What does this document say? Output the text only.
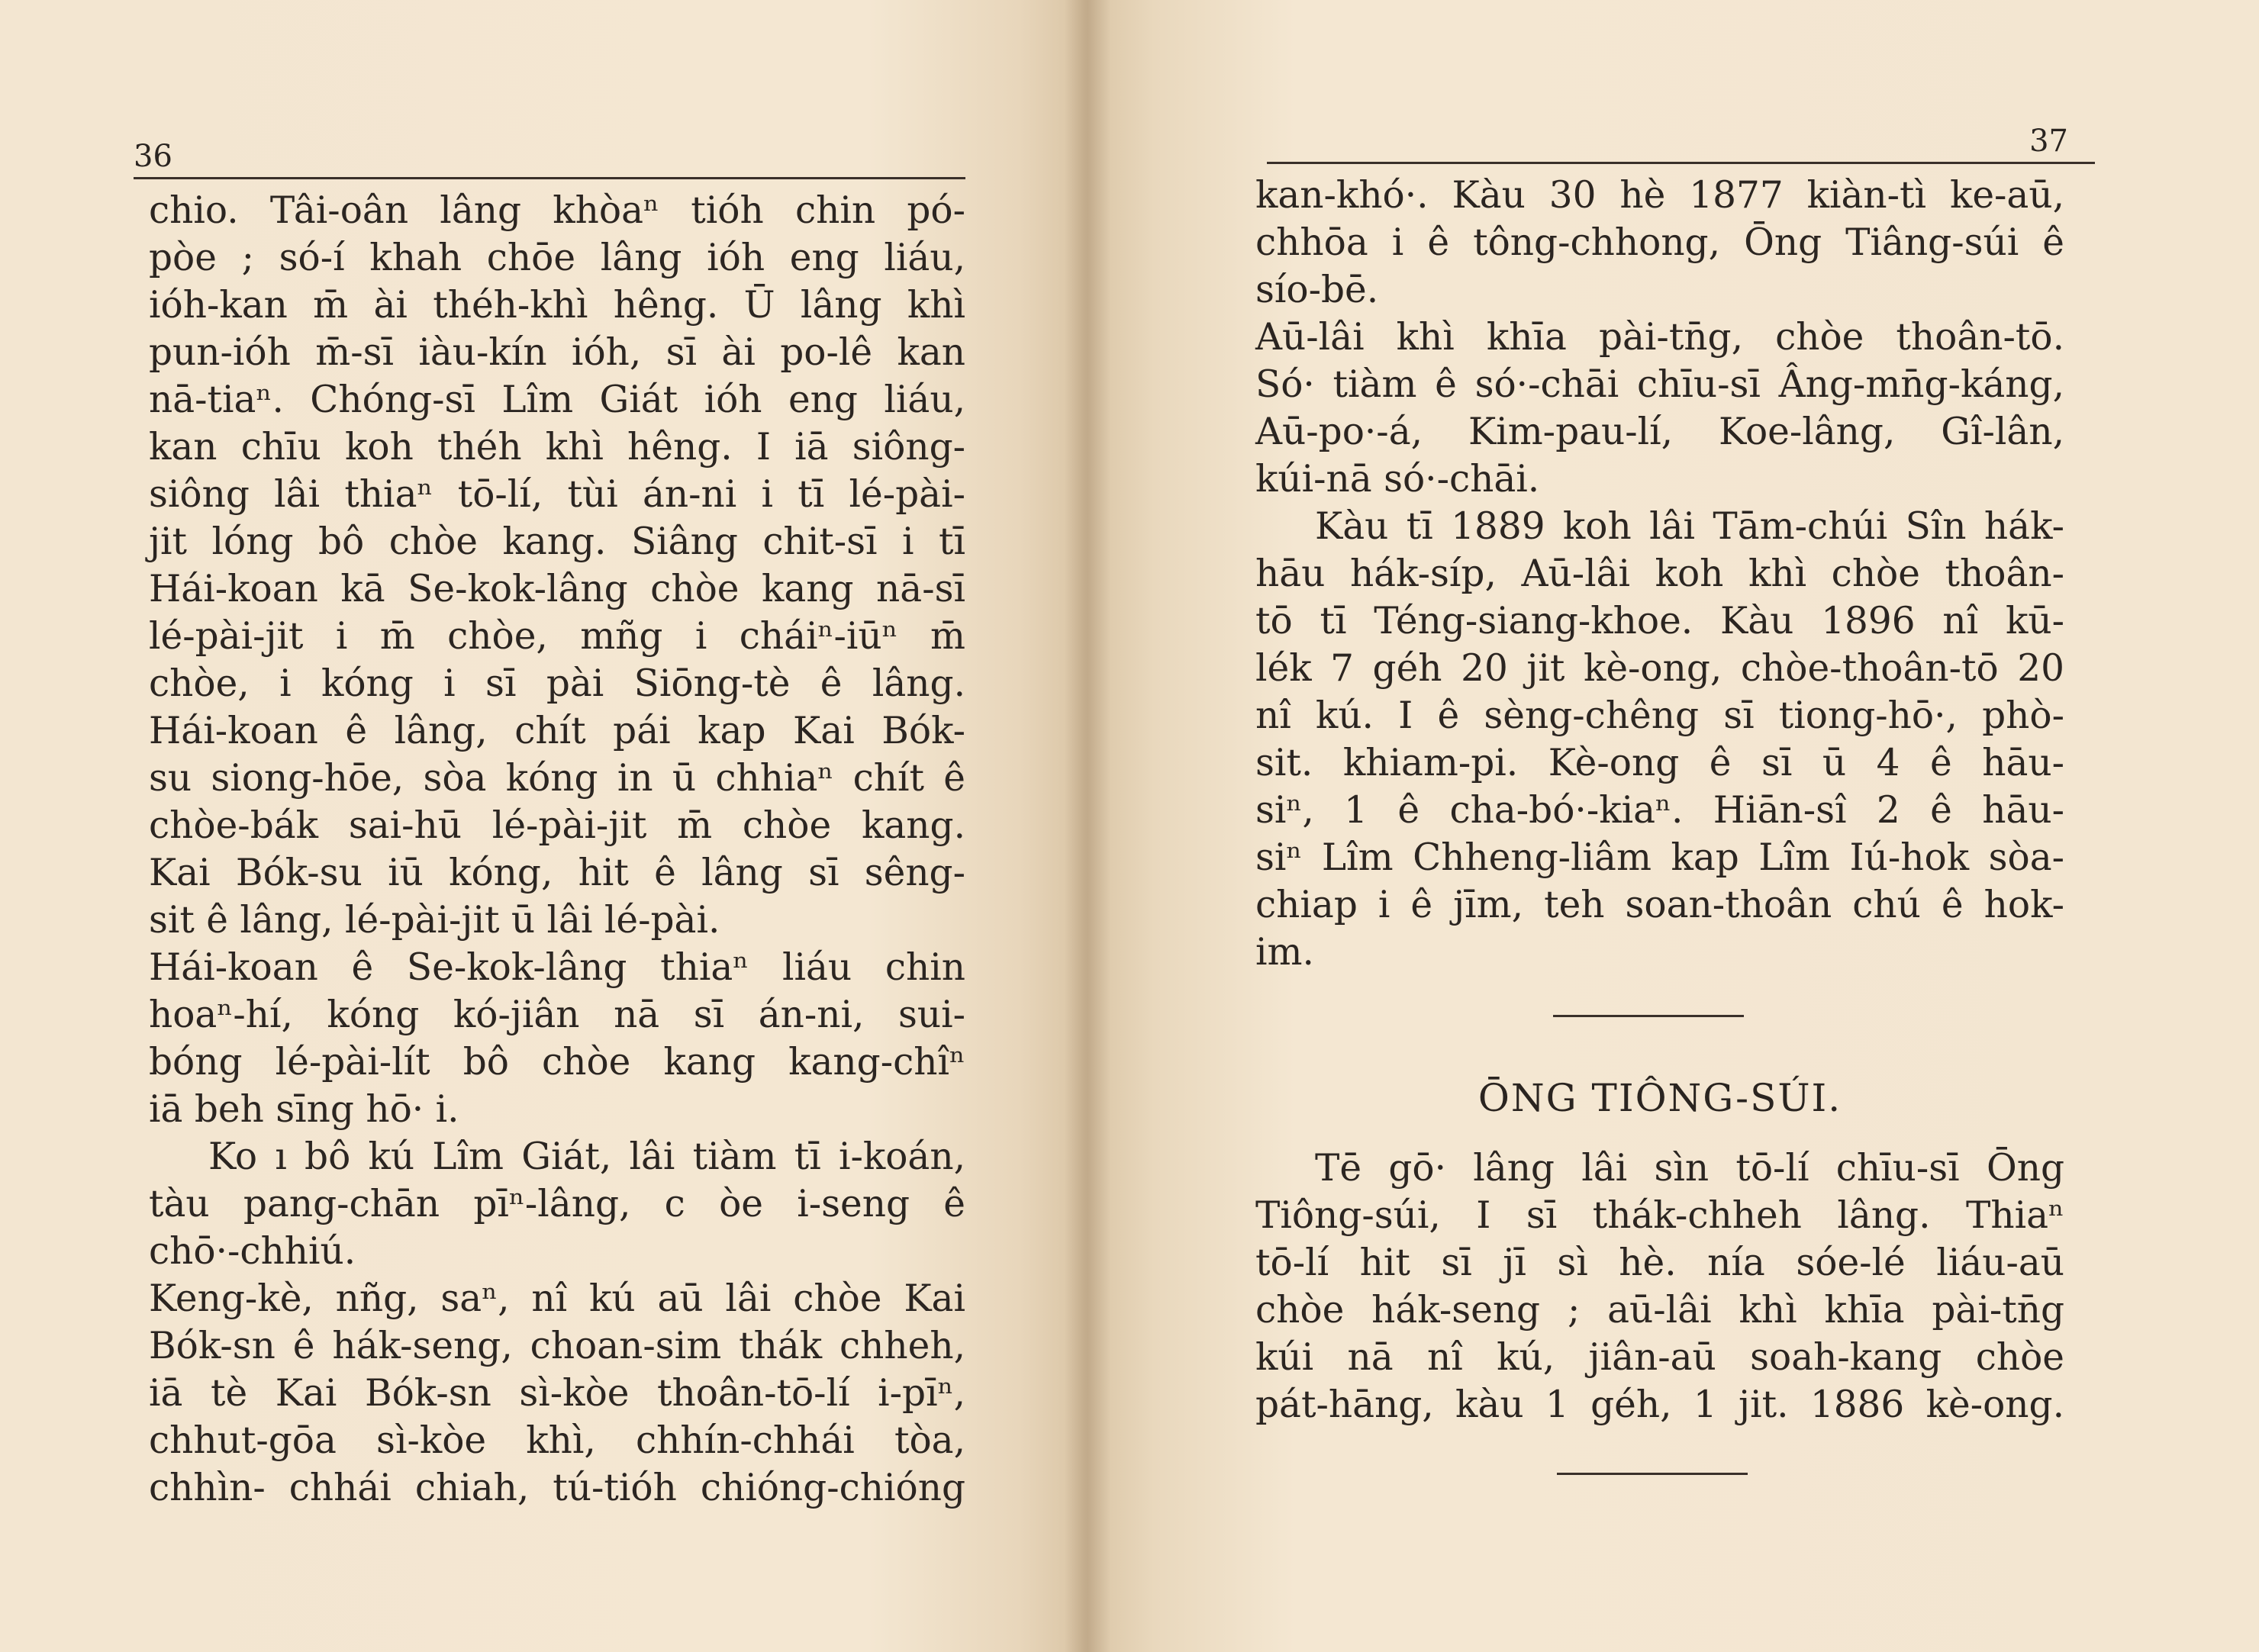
36
chio. Tâi-oân lâng khòaⁿ tióh chin pó-
pòe ; só-í khah chōe lâng ióh eng liáu,
ióh-kan m̄ ài théh-khì hêng. Ū lâng khì
pun-ióh m̄-sī iàu-kín ióh, sī ài po-lê kan
nā-tiaⁿ. Chóng-sī Lîm Giát ióh eng liáu,
kan chīu koh théh khì hêng. I iā siông-
siông lâi thiaⁿ tō-lí, tùi án-ni i tī lé-pài-
jit lóng bô chòe kang. Siâng chit-sī i tī
Hái-koan kā Se-kok-lâng chòe kang nā-sī
lé-pài-jit i m̄ chòe, mñg i cháiⁿ-iūⁿ m̄
chòe, i kóng i sī pài Siōng-tè ê lâng.
Hái-koan ê lâng, chít pái kap Kai Bók-
su siong-hōe, sòa kóng in ū chhiaⁿ chít ê
chòe-bák sai-hū lé-pài-jit m̄ chòe kang.
Kai Bók-su iū kóng, hit ê lâng sī sêng-
sit ê lâng, lé-pài-jit ū lâi lé-pài.
Hái-koan ê Se-kok-lâng thiaⁿ liáu chin
hoaⁿ-hí, kóng kó-jiân nā sī án-ni, sui-
bóng lé-pài-lít bô chòe kang kang-chîⁿ
iā beh sīng hō· i.
Ko ı bô kú Lîm Giát, lâi tiàm tī i-koán,
tàu pang-chān pīⁿ-lâng, c òe i-seng ê
chō·-chhiú.
Keng-kè, nñg, saⁿ, nî kú aū lâi chòe Kai
Bók-sn ê hák-seng, choan-sim thák chheh,
iā tè Kai Bók-sn sì-kòe thoân-tō-lí i-pīⁿ,
chhut-gōa sì-kòe khì, chhín-chhái tòa,
chhìn- chhái chiah, tú-tióh chióng-chióng
37
kan-khó·. Kàu 30 hè 1877 kiàn-tì ke-aū,
chhōa i ê tông-chhong, Ōng Tiâng-súi ê
sío-bē.
Aū-lâi khì khīa pài-tn̄g, chòe thoân-tō.
Só· tiàm ê só·-chāi chīu-sī Âng-mn̄g-káng,
Aū-po·-á, Kim-pau-lí, Koe-lâng, Gî-lân,
kúi-nā só·-chāi.
Kàu tī 1889 koh lâi Tām-chúi Sîn hák-
hāu hák-síp, Aū-lâi koh khì chòe thoân-
tō tī Téng-siang-khoe. Kàu 1896 nî kū-
lék 7 géh 20 jit kè-ong, chòe-thoân-tō 20
nî kú. I ê sèng-chêng sī tiong-hō·, phò-
sit. khiam-pi. Kè-ong ê sī ū 4 ê hāu-
siⁿ, 1 ê cha-bó·-kiaⁿ. Hiān-sî 2 ê hāu-
siⁿ Lîm Chheng-liâm kap Lîm Iú-hok sòa-
chiap i ê jīm, teh soan-thoân chú ê hok-
im.
ŌNG TIÔNG-SÚI.
Tē gō· lâng lâi sìn tō-lí chīu-sī Ōng
Tiông-súi, I sī thák-chheh lâng. Thiaⁿ
tō-lí hit sī jī sì hè. nía sóe-lé liáu-aū
chòe hák-seng ; aū-lâi khì khīa pài-tn̄g
kúi nā nî kú, jiân-aū soah-kang chòe
pát-hāng, kàu 1 géh, 1 jit. 1886 kè-ong.
